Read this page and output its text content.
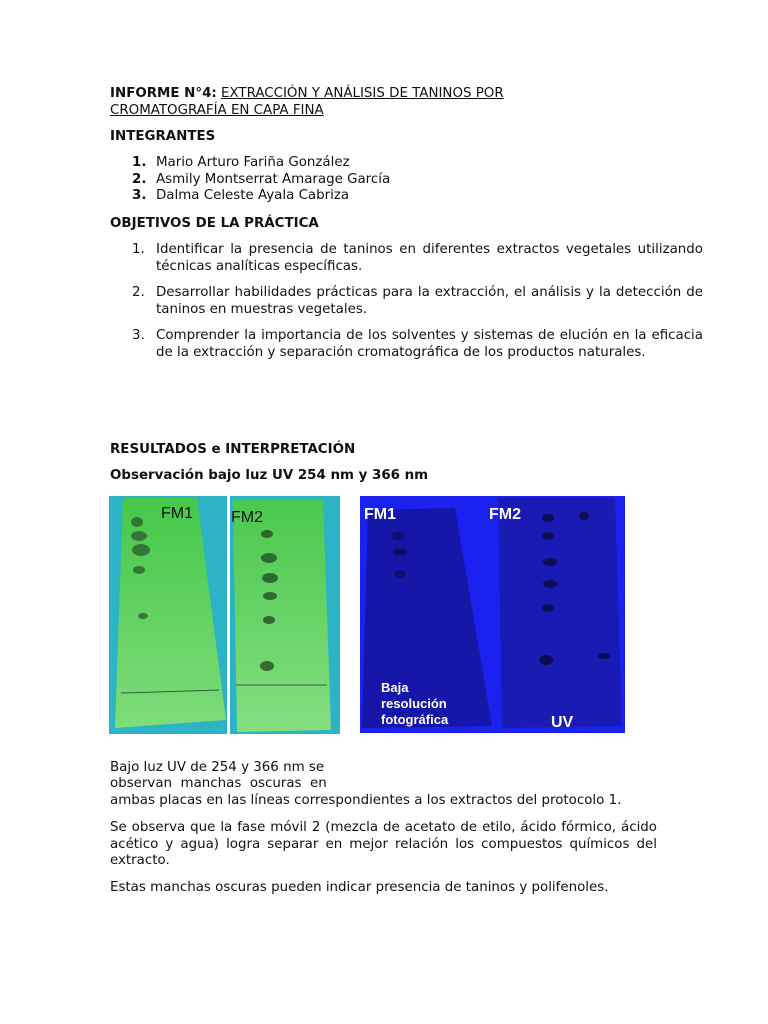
INFORME N°4: EXTRACCIÓN Y ANÁLISIS DE TANINOS POR
CROMATOGRAFÍA EN CAPA FINA
INTEGRANTES
1. Mario Arturo Fariña González
2. Asmily Montserrat Amarage García
3. Dalma Celeste Ayala Cabriza
OBJETIVOS DE LA PRÁCTICA
1. Identificar la presencia de taninos en diferentes extractos vegetales utilizando técnicas analíticas específicas.
2. Desarrollar habilidades prácticas para la extracción, el análisis y la detección de taninos en muestras vegetales.
3. Comprender la importancia de los solventes y sistemas de elución en la eficacia de la extracción y separación cromatográfica de los productos naturales.
RESULTADOS e INTERPRETACIÓN
Observación bajo luz UV 254 nm y 366 nm
FM1 FM2	FM1	FM2
Baja
resolución
fotográfica	UV
Bajo luz UV de 254 y 366 nm se
observan  manchas  oscuras  en
ambas placas en las líneas correspondientes a los extractos del protocolo 1.
Se observa que la fase móvil 2 (mezcla de acetato de etilo, ácido fórmico, ácido acético y agua) logra separar en mejor relación los compuestos químicos del extracto.
Estas manchas oscuras pueden indicar presencia de taninos y polifenoles.
